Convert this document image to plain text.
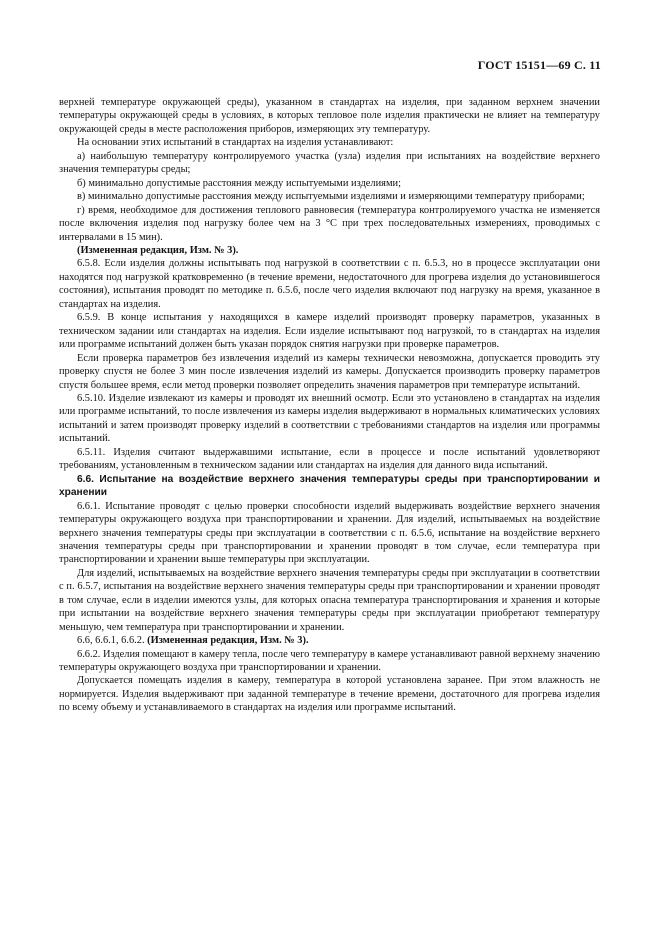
ГОСТ 15151—69 С. 11

верхней температуре окружающей среды), указанном в стандартах на изделия, при заданном верхнем значении температуры окружающей среды в условиях, в которых тепловое поле изделия практически не влияет на температуру окружающей среды в месте расположения приборов, измеряющих эту температуру.

На основании этих испытаний в стандартах на изделия устанавливают:

а) наибольшую температуру контролируемого участка (узла) изделия при испытаниях на воздействие верхнего значения температуры среды;

б) минимально допустимые расстояния между испытуемыми изделиями;

в) минимально допустимые расстояния между испытуемыми изделиями и измеряющими температуру приборами;

г) время, необходимое для достижения теплового равновесия (температура контролируемого участка не изменяется после включения изделия под нагрузку более чем на 3 °С при трех последовательных измерениях, проводимых с интервалами в 15 мин).

(Измененная редакция, Изм. № 3).

6.5.8. Если изделия должны испытывать под нагрузкой в соответствии с п. 6.5.3, но в процессе эксплуатации они находятся под нагрузкой кратковременно (в течение времени, недостаточного для прогрева изделия до установившегося состояния), испытания проводят по методике п. 6.5.6, после чего изделия включают под нагрузку на время, указанное в стандартах на изделия.

6.5.9. В конце испытания у находящихся в камере изделий производят проверку параметров, указанных в техническом задании или стандартах на изделия. Если изделие испытывают под нагрузкой, то в стандартах на изделия или программе испытаний должен быть указан порядок снятия нагрузки при проверке параметров.

Если проверка параметров без извлечения изделий из камеры технически невозможна, допускается проводить эту проверку спустя не более 3 мин после извлечения изделий из камеры. Допускается производить проверку параметров спустя большее время, если метод проверки позволяет определить значения параметров при температуре испытаний.

6.5.10. Изделие извлекают из камеры и проводят их внешний осмотр. Если это установлено в стандартах на изделия или программе испытаний, то после извлечения из камеры изделия выдерживают в нормальных климатических условиях испытаний и затем производят проверку изделий в соответствии с требованиями стандартов на изделия или программы испытаний.

6.5.11. Изделия считают выдержавшими испытание, если в процессе и после испытаний удовлетворяют требованиям, установленным в техническом задании или стандартах на изделия для данного вида испытаний.

6.6. Испытание на воздействие верхнего значения температуры среды при транспортировании и хранении

6.6.1. Испытание проводят с целью проверки способности изделий выдерживать воздействие верхнего значения температуры окружающего воздуха при транспортировании и хранении. Для изделий, испытываемых на воздействие верхнего значения температуры среды при эксплуатации в соответствии с п. 6.5.6, испытание на воздействие верхнего значения температуры среды при транспортировании и хранении проводят в том случае, если температура при транспортировании и хранении выше температуры при эксплуатации.

Для изделий, испытываемых на воздействие верхнего значения температуры среды при эксплуатации в соответствии с п. 6.5.7, испытания на воздействие верхнего значения температуры среды при транспортировании и хранении проводят в том случае, если в изделии имеются узлы, для которых опасна температура транспортирования и хранения и которые при испытании на воздействие верхнего значения температуры среды при эксплуатации приобретают температуру меньшую, чем температура при транспортировании и хранении.

6.6, 6.6.1, 6.6.2. (Измененная редакция, Изм. № 3).

6.6.2. Изделия помещают в камеру тепла, после чего температуру в камере устанавливают равной верхнему значению температуры окружающего воздуха при транспортировании и хранении.

Допускается помещать изделия в камеру, температура в которой установлена заранее. При этом влажность не нормируется. Изделия выдерживают при заданной температуре в течение времени, достаточного для прогрева изделия по всему объему и устанавливаемого в стандартах на изделия или программе испытаний.
